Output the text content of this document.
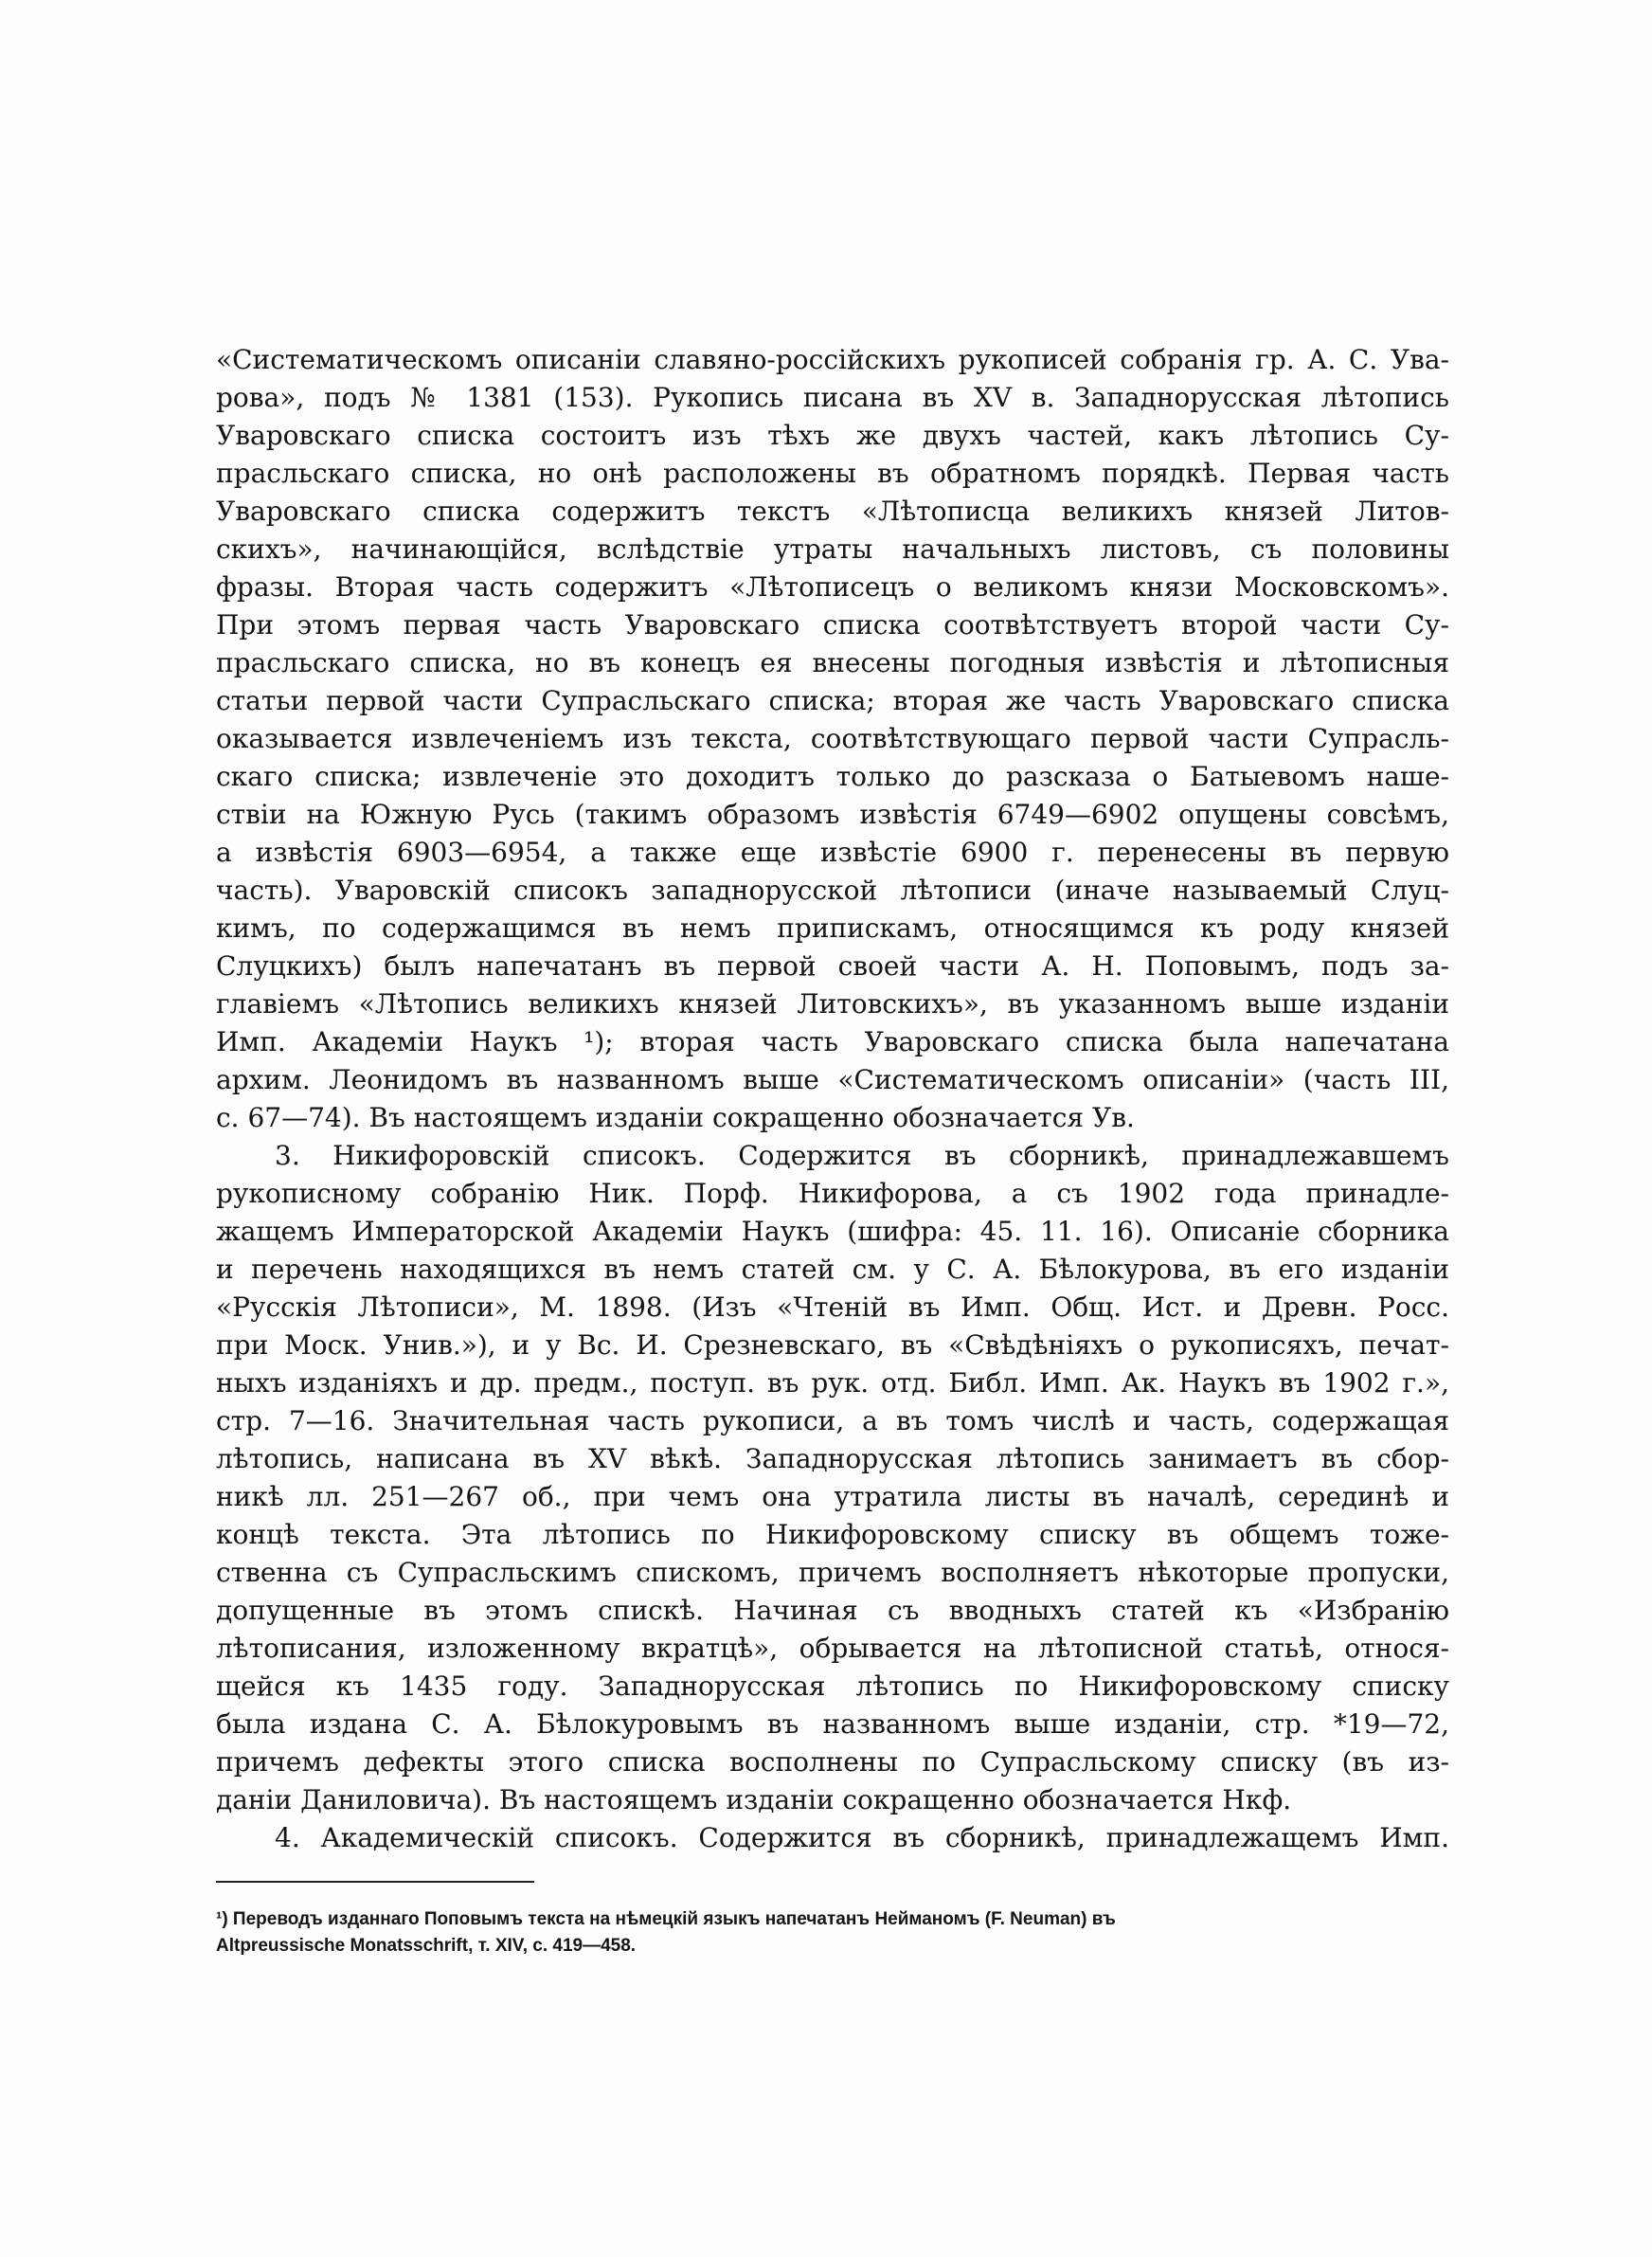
«Систематическомъ описаніи славяно-россійскихъ рукописей собранія гр. А. С. Ува-
рова», подъ № 1381 (153). Рукопись писана въ XV в. Западнорусская лѣтопись
Уваровскаго списка состоитъ изъ тѣхъ же двухъ частей, какъ лѣтопись Су-
прасльскаго списка, но онѣ расположены въ обратномъ порядкѣ. Первая часть
Уваровскаго списка содержитъ текстъ «Лѣтописца великихъ князей Литов-
скихъ», начинающійся, вслѣдствіе утраты начальныхъ листовъ, съ половины
фразы. Вторая часть содержитъ «Лѣтописецъ о великомъ князи Московскомъ».
При этомъ первая часть Уваровскаго списка соотвѣтствуетъ второй части Су-
прасльскаго списка, но въ конецъ ея внесены погодныя извѣстія и лѣтописныя
статьи первой части Супрасльскаго списка; вторая же часть Уваровскаго списка
оказывается извлеченіемъ изъ текста, соотвѣтствующаго первой части Супрасль-
скаго списка; извлеченіе это доходитъ только до разсказа о Батыевомъ наше-
ствіи на Южную Русь (такимъ образомъ извѣстія 6749—6902 опущены совсѣмъ,
а извѣстія 6903—6954, а также еще извѣстіе 6900 г. перенесены въ первую
часть). Уваровскій списокъ западнорусской лѣтописи (иначе называемый Слуц-
кимъ, по содержащимся въ немъ припискамъ, относящимся къ роду князей
Слуцкихъ) былъ напечатанъ въ первой своей части А. Н. Поповымъ, подъ за-
главіемъ «Лѣтопись великихъ князей Литовскихъ», въ указанномъ выше изданіи
Имп. Академіи Наукъ ¹); вторая часть Уваровскаго списка была напечатана
архим. Леонидомъ въ названномъ выше «Систематическомъ описаніи» (часть III,
с. 67—74). Въ настоящемъ изданіи сокращенно обозначается Ув.
3. Никифоровскій списокъ. Содержится въ сборникѣ, принадлежавшемъ
рукописному собранію Ник. Порф. Никифорова, а съ 1902 года принадле-
жащемъ Императорской Академіи Наукъ (шифра: 45. 11. 16). Описаніе сборника
и перечень находящихся въ немъ статей см. у С. А. Бѣлокурова, въ его изданіи
«Русскія Лѣтописи», М. 1898. (Изъ «Чтеній въ Имп. Общ. Ист. и Древн. Росс.
при Моск. Унив.»), и у Вс. И. Срезневскаго, въ «Свѣдѣніяхъ о рукописяхъ, печат-
ныхъ изданіяхъ и др. предм., поступ. въ рук. отд. Библ. Имп. Ак. Наукъ въ 1902 г.»,
стр. 7—16. Значительная часть рукописи, а въ томъ числѣ и часть, содержащая
лѣтопись, написана въ XV вѣкѣ. Западнорусская лѣтопись занимаетъ въ сбор-
никѣ лл. 251—267 об., при чемъ она утратила листы въ началѣ, серединѣ и
концѣ текста. Эта лѣтопись по Никифоровскому списку въ общемъ тоже-
ственна съ Супрасльскимъ спискомъ, причемъ восполняетъ нѣкоторые пропуски,
допущенные въ этомъ спискѣ. Начиная съ вводныхъ статей къ «Избранію
лѣтописания, изложенному вкратцѣ», обрывается на лѣтописной статьѣ, относя-
щейся къ 1435 году. Западнорусская лѣтопись по Никифоровскому списку
была издана С. А. Бѣлокуровымъ въ названномъ выше изданіи, стр. *19—72,
причемъ дефекты этого списка восполнены по Супрасльскому списку (въ из-
даніи Даниловича). Въ настоящемъ изданіи сокращенно обозначается Нкф.
4. Академическій списокъ. Содержится въ сборникѣ, принадлежащемъ Имп.
¹) Переводъ изданнаго Поповымъ текста на нѣмецкій языкъ напечатанъ Нейманомъ (F. Neuman) въ
Altpreussische Monatsschrift, т. XIV, с. 419—458.
